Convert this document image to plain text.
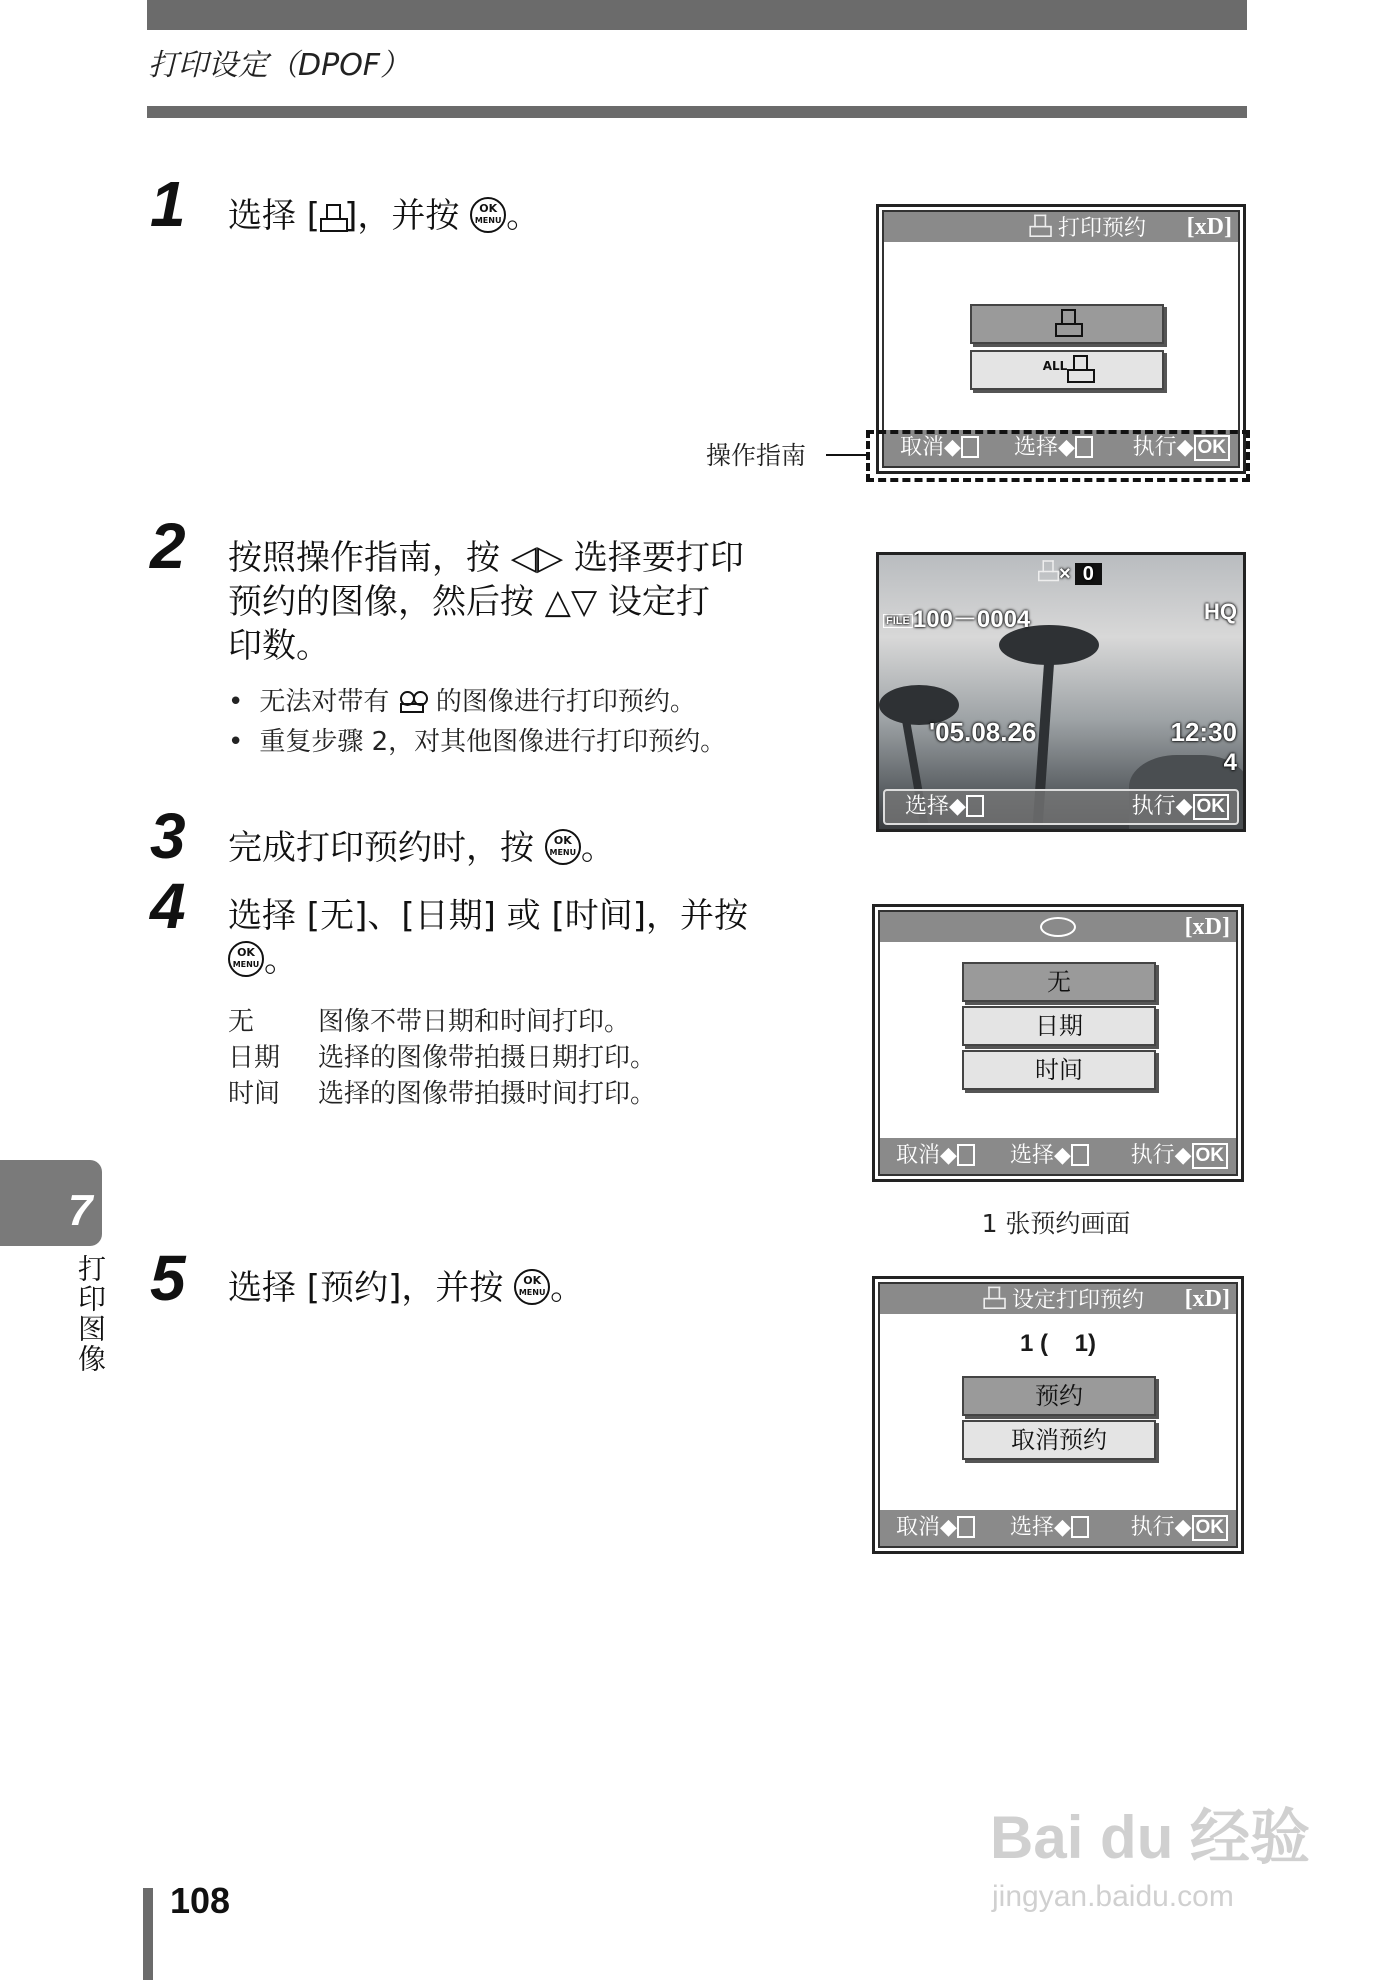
打印设定（DPOF）
1 选择 [ ]，并按	OK
MENU 。	打印预约 [xD]
$^{ALL}$
取消◆	选择◆	执行◆ OK
操作指南
2 按照操作指南，按 ◁▷ 选择要打印
预约的图像，然后按 △▽ 设定打
印数。
• 无法对带有 的图像进行打印预约。
• 重复步骤 2，对其他图像进行打印预约。
× 0
FILE 100－0004	HQ
'05.08.26	12:30
4
选择◆	执行◆ OK
3 完成打印预约时，按	OK
MENU 。
4 选择 [无]、[日期] 或 [时间]，并按
OK
MENU 。
无	图像不带日期和时间打印。
日期	选择的图像带拍摄日期打印。
时间	选择的图像带拍摄时间打印。
[xD]
无
日期
时间
取消◆	选择◆	执行◆ OK
1 张预约画面
7
打印图像 5 选择 [预约]，并按	OK
MENU 。	设定打印预约 [xD]
1 (    1)
预约
取消预约
取消◆	选择◆	执行◆ OK
108
Bai du 经验
jingyan.baidu.com
